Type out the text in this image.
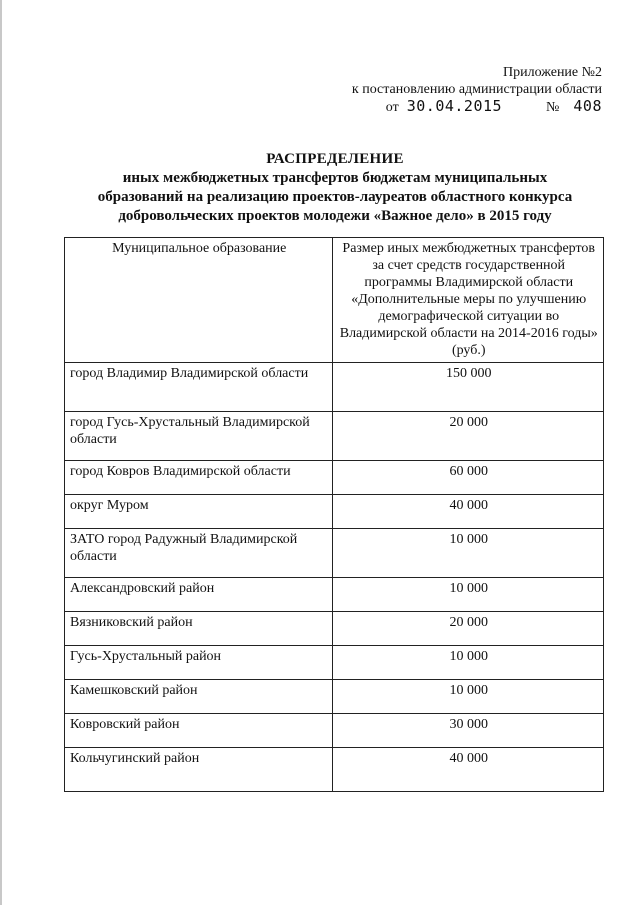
Приложение №2
к постановлению администрации области
от 30.04.2015	№ 408
РАСПРЕДЕЛЕНИЕ
иных межбюджетных трансфертов бюджетам муниципальных
образований на реализацию проектов-лауреатов областного конкурса
добровольческих проектов молодежи «Важное дело» в 2015 году
Муниципальное образование	Размер иных межбюджетных трансфертов за счет средств государственной программы Владимирской области «Дополнительные меры по улучшению демографической ситуации во Владимирской области на 2014-2016 годы» (руб.)
город Владимир Владимирской области	150 000
город Гусь-Хрустальный Владимирской области	20 000
город Ковров Владимирской области	60 000
округ Муром	40 000
ЗАТО город Радужный Владимирской области	10 000
Александровский район	10 000
Вязниковский район	20 000
Гусь-Хрустальный район	10 000
Камешковский район	10 000
Ковровский район	30 000
Кольчугинский район	40 000
